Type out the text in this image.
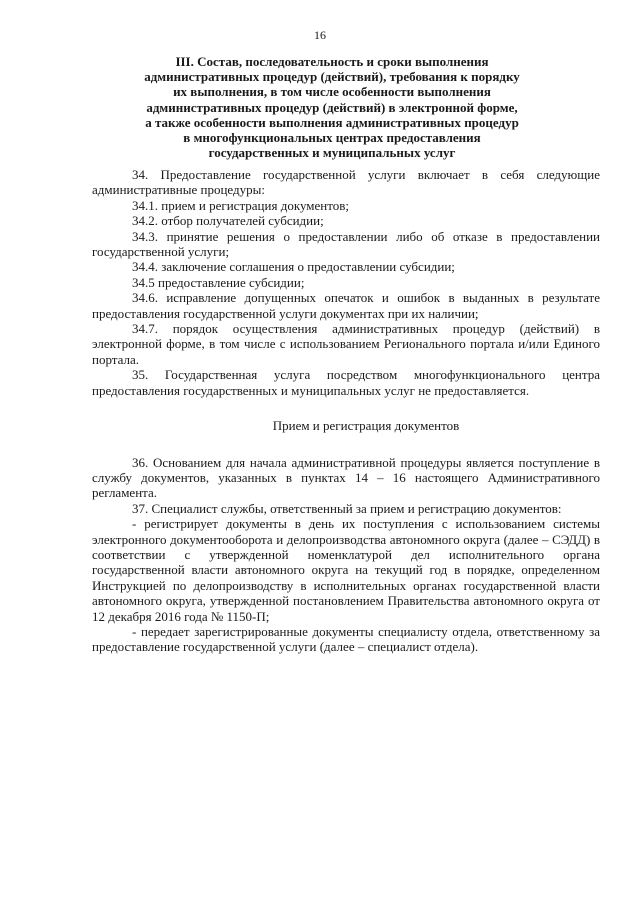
16
III. Состав, последовательность и сроки выполнения
административных процедур (действий), требования к порядку
их выполнения, в том числе особенности выполнения
административных процедур (действий) в электронной форме,
а также особенности выполнения административных процедур
в многофункциональных центрах предоставления
государственных и муниципальных услуг
34. Предоставление государственной услуги включает в себя следующие административные процедуры:
34.1. прием и регистрация документов;
34.2. отбор получателей субсидии;
34.3. принятие решения о предоставлении либо об отказе в предоставлении государственной услуги;
34.4. заключение соглашения о предоставлении субсидии;
34.5 предоставление субсидии;
34.6. исправление допущенных опечаток и ошибок в выданных в результате предоставления государственной услуги документах при их наличии;
34.7. порядок осуществления административных процедур (действий) в электронной форме, в том числе с использованием Регионального портала и/или Единого портала.
35. Государственная услуга посредством многофункционального центра предоставления государственных и муниципальных услуг не предоставляется.
Прием и регистрация документов
36. Основанием для начала административной процедуры является поступление в службу документов, указанных в пунктах 14 – 16 настоящего Административного регламента.
37. Специалист службы, ответственный за прием и регистрацию документов:
- регистрирует документы в день их поступления с использованием системы электронного документооборота и делопроизводства автономного округа (далее – СЭДД) в соответствии с утвержденной номенклатурой дел исполнительного органа государственной власти автономного округа на текущий год в порядке, определенном Инструкцией по делопроизводству в исполнительных органах государственной власти автономного округа, утвержденной постановлением Правительства автономного округа от 12 декабря 2016 года № 1150-П;
- передает зарегистрированные документы специалисту отдела, ответственному за предоставление государственной услуги (далее – специалист отдела).
